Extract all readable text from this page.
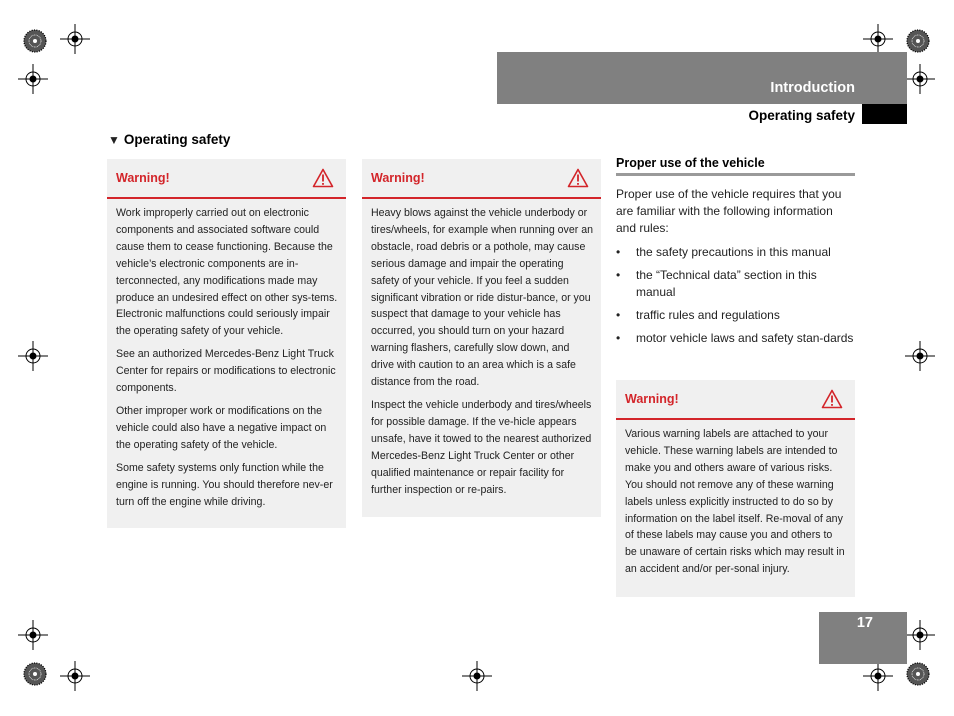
Introduction
Operating safety
▼ Operating safety
Warning!

Work improperly carried out on electronic components and associated software could cause them to cease functioning. Because the vehicle’s electronic components are in-terconnected, any modifications made may produce an undesired effect on other sys-tems. Electronic malfunctions could seriously impair the operating safety of your vehicle.

See an authorized Mercedes-Benz Light Truck Center for repairs or modifications to electronic components.

Other improper work or modifications on the vehicle could also have a negative impact on the operating safety of the vehicle.

Some safety systems only function while the engine is running. You should therefore nev-er turn off the engine while driving.

Warning!

Heavy blows against the vehicle underbody or tires/wheels, for example when running over an obstacle, road debris or a pothole, may cause serious damage and impair the operating safety of your vehicle. If you feel a sudden significant vibration or ride distur-bance, or you suspect that damage to your vehicle has occurred, you should turn on your hazard warning flashers, carefully slow down, and drive with caution to an area which is a safe distance from the road.

Inspect the vehicle underbody and tires/wheels for possible damage. If the ve-hicle appears unsafe, have it towed to the nearest authorized Mercedes-Benz Light Truck Center or other qualified maintenance or repair facility for further inspection or re-pairs.

Proper use of the vehicle
Proper use of the vehicle requires that you are familiar with the following information and rules:
• the safety precautions in this manual
• the “Technical data” section in this manual
• traffic rules and regulations
• motor vehicle laws and safety stan-dards
Warning!

Various warning labels are attached to your vehicle. These warning labels are intended to make you and others aware of various risks. You should not remove any of these warning labels unless explicitly instructed to do so by information on the label itself. Re-moval of any of these labels may cause you and others to be unaware of certain risks which may result in an accident and/or per-sonal injury.

17
